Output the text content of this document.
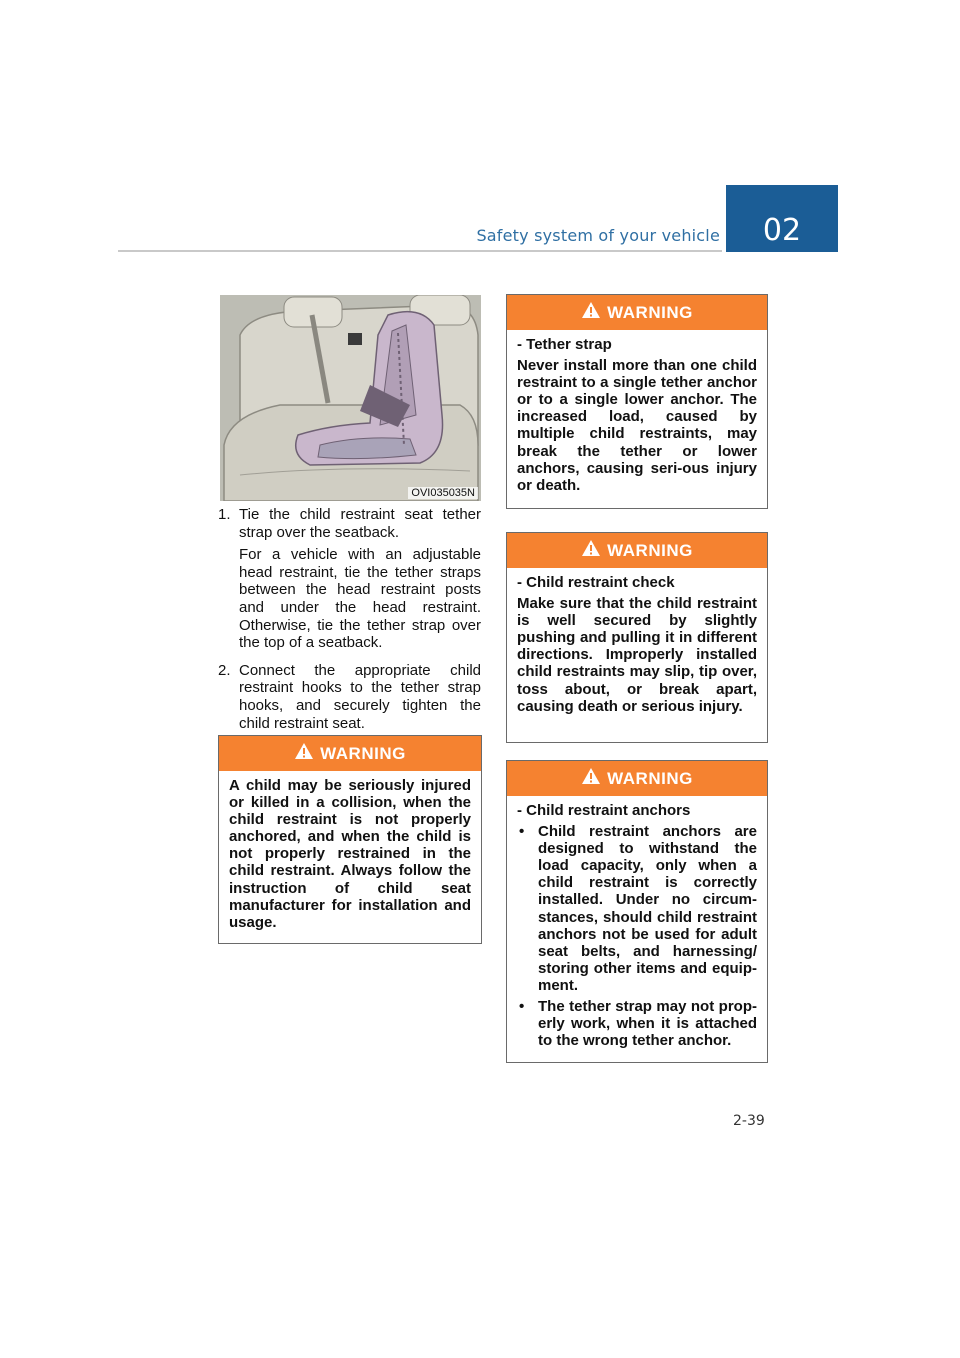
Safety system of your vehicle 02
OVI035035N
1. Tie the child restraint seat tether strap over the seatback.

For a vehicle with an adjustable head restraint, tie the tether straps between the head restraint posts and under the head restraint. Otherwise, tie the tether strap over the top of a seatback.

2. Connect the appropriate child restraint hooks to the tether strap hooks, and securely tighten the child restraint seat.

WARNING

A child may be seriously injured or killed in a collision, when the child restraint is not properly anchored, and when the child is not properly restrained in the child restraint. Always follow the instruction of child seat manufacturer for installation and usage.

WARNING

- Tether strap

Never install more than one child restraint to a single tether anchor or to a single lower anchor. The increased load, caused by multiple child restraints, may break the tether or lower anchors, causing seri-ous injury or death.

WARNING

- Child restraint check

Make sure that the child restraint is well secured by slightly pushing and pulling it in different directions. Improperly installed child restraints may slip, tip over, toss about, or break apart, causing death or serious injury.

WARNING

- Child restraint anchors

• Child restraint anchors are designed to withstand the load capacity, only when a child restraint is correctly installed. Under no circum-stances, should child restraint anchors not be used for adult seat belts, and harnessing/ storing other items and equip-ment.
• The tether strap may not prop-erly work, when it is attached to the wrong tether anchor.
2-39
